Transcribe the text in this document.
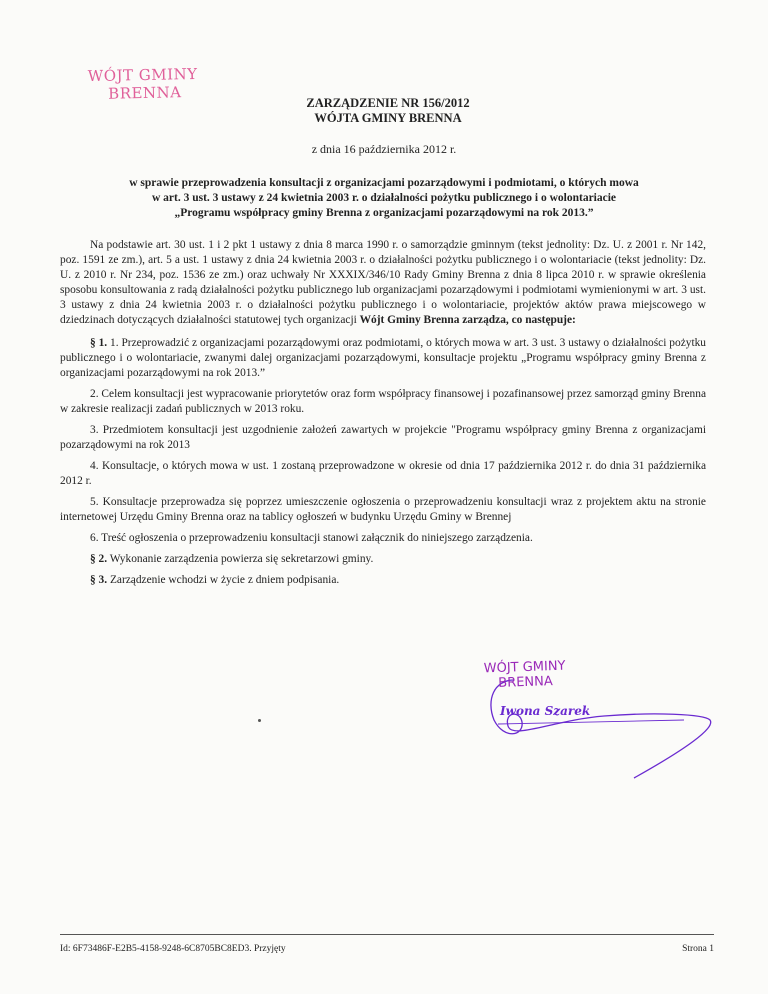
WÓJT GMINY
BRENNA
ZARZĄDZENIE NR 156/2012
WÓJTA GMINY BRENNA
z dnia 16 października 2012 r.
w sprawie przeprowadzenia konsultacji z organizacjami pozarządowymi i podmiotami, o których mowa
w art. 3 ust. 3 ustawy z 24 kwietnia 2003 r. o działalności pożytku publicznego i o wolontariacie
„Programu współpracy gminy Brenna z organizacjami pozarządowymi na rok 2013.”

Na podstawie art. 30 ust. 1 i 2 pkt 1 ustawy z dnia 8 marca 1990 r. o samorządzie gminnym (tekst jednolity: Dz. U. z 2001 r. Nr 142, poz. 1591 ze zm.), art. 5 a ust. 1 ustawy z dnia 24 kwietnia 2003 r. o działalności pożytku publicznego i o wolontariacie (tekst jednolity: Dz. U. z 2010 r. Nr 234, poz. 1536 ze zm.) oraz uchwały Nr XXXIX/346/10 Rady Gminy Brenna z dnia 8 lipca 2010 r. w sprawie określenia sposobu konsultowania z radą działalności pożytku publicznego lub organizacjami pozarządowymi i podmiotami wymienionymi w art. 3 ust. 3 ustawy z dnia 24 kwietnia 2003 r. o działalności pożytku publicznego i o wolontariacie, projektów aktów prawa miejscowego w dziedzinach dotyczących działalności statutowej tych organizacji Wójt Gminy Brenna zarządza, co następuje:

§ 1. 1. Przeprowadzić z organizacjami pozarządowymi oraz podmiotami, o których mowa w art. 3 ust. 3 ustawy o działalności pożytku publicznego i o wolontariacie, zwanymi dalej organizacjami pozarządowymi, konsultacje projektu „Programu współpracy gminy Brenna z organizacjami pozarządowymi na rok 2013.”

2. Celem konsultacji jest wypracowanie priorytetów oraz form współpracy finansowej i pozafinansowej przez samorząd gminy Brenna w zakresie realizacji zadań publicznych w 2013 roku.

3. Przedmiotem konsultacji jest uzgodnienie założeń zawartych w projekcie "Programu współpracy gminy Brenna z organizacjami pozarządowymi na rok 2013

4. Konsultacje, o których mowa w ust. 1 zostaną przeprowadzone w okresie od dnia 17 października 2012 r. do dnia 31 października 2012 r.

5. Konsultacje przeprowadza się poprzez umieszczenie ogłoszenia o przeprowadzeniu konsultacji wraz z projektem aktu na stronie internetowej Urzędu Gminy Brenna oraz na tablicy ogłoszeń w budynku Urzędu Gminy w Brennej

6. Treść ogłoszenia o przeprowadzeniu konsultacji stanowi załącznik do niniejszego zarządzenia.

§ 2. Wykonanie zarządzenia powierza się sekretarzowi gminy.

§ 3. Zarządzenie wchodzi w życie z dniem podpisania.

WÓJT GMINY
BRENNA
Iwona Szarek
Id: 6F73486F-E2B5-4158-9248-6C8705BC8ED3. Przyjęty	Strona 1
